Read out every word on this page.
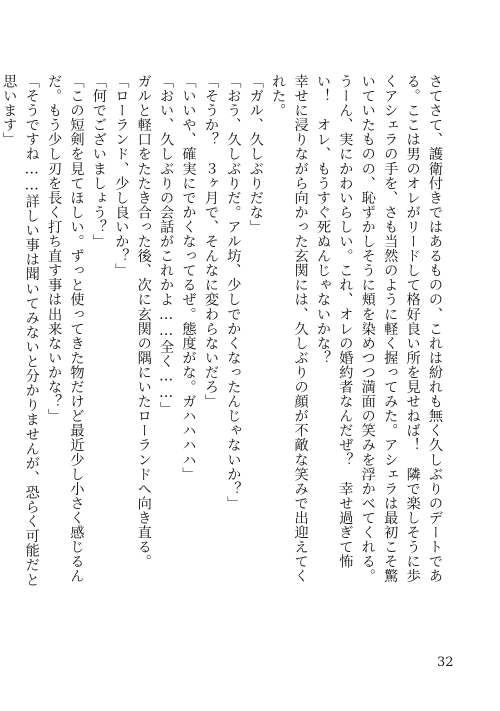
さてさて、護衛付きではあるものの、これは紛れも無く久しぶりのデートである。ここは男のオレがリードして格好良い所を見せねば！　隣で楽しそうに歩くアシェラの手を、さも当然のように軽く握ってみた。アシェラは最初こそ驚いていたものの、恥ずかしそうに頬を染めつつ満面の笑みを浮かべてくれる。うーん、実にかわいらしい。これ、オレの婚約者なんだぜ？　幸せ過ぎて怖い！　オレ、もうすぐ死ぬんじゃないかな？

幸せに浸りながら向かった玄関には、久しぶりの顔が不敵な笑みで出迎えてくれた。

「ガル、久しぶりだな」

「おう、久しぶりだ。アル坊、少しでかくなったんじゃないか？」

「そうか？　３ヶ月で、そんなに変わらないだろ」

「いいや、確実にでかくなってるぜ。態度がな。ガハハハハ」

「おい、久しぶりの会話がこれかよ……全く……」

ガルと軽口をたたき合った後、次に玄関の隅にいたローランドへ向き直る。

「ローランド、少し良いか？」

「何でございましょう？」

「この短剣を見てほしい。ずっと使ってきた物だけど最近少し小さく感じるんだ。もう少し刃を長く打ち直す事は出来ないかな？」

「そうですね……詳しい事は聞いてみないと分かりませんが、恐らく可能だと思います」

32
